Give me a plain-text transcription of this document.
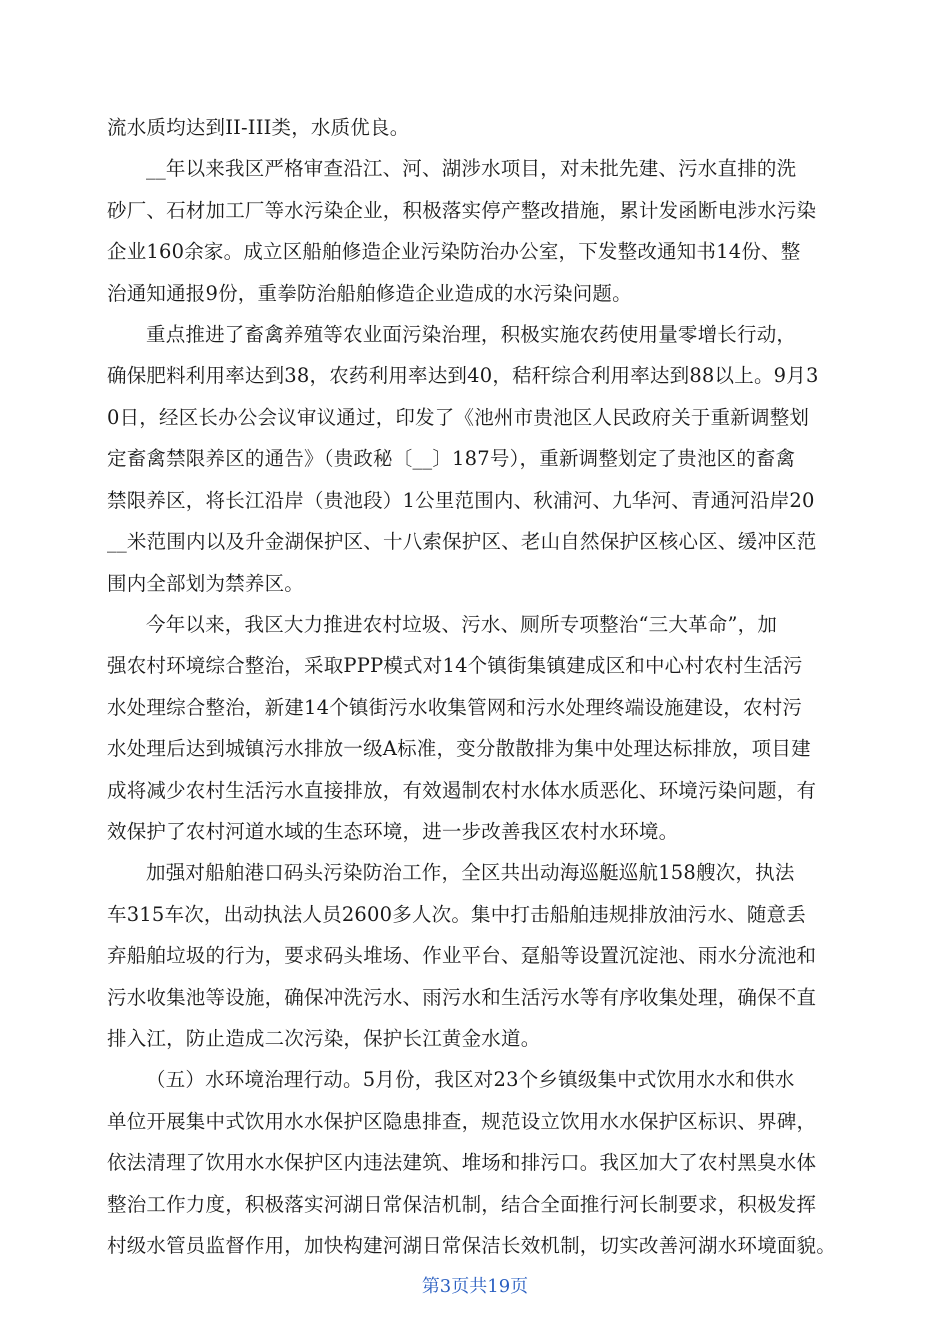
流水质均达到II-III类，水质优良。
__年以来我区严格审查沿江、河、湖涉水项目，对未批先建、污水直排的洗
砂厂、石材加工厂等水污染企业，积极落实停产整改措施，累计发函断电涉水污染
企业160余家。成立区船舶修造企业污染防治办公室，下发整改通知书14份、整
治通知通报9份，重拳防治船舶修造企业造成的水污染问题。
重点推进了畜禽养殖等农业面污染治理，积极实施农药使用量零增长行动，
确保肥料利用率达到38，农药利用率达到40，秸秆综合利用率达到88以上。9月3
0日，经区长办公会议审议通过，印发了《池州市贵池区人民政府关于重新调整划
定畜禽禁限养区的通告》（贵政秘〔__〕187号），重新调整划定了贵池区的畜禽
禁限养区，将长江沿岸（贵池段）1公里范围内、秋浦河、九华河、青通河沿岸20
__米范围内以及升金湖保护区、十八索保护区、老山自然保护区核心区、缓冲区范
围内全部划为禁养区。
今年以来，我区大力推进农村垃圾、污水、厕所专项整治“三大革命”，加
强农村环境综合整治，采取PPP模式对14个镇街集镇建成区和中心村农村生活污
水处理综合整治，新建14个镇街污水收集管网和污水处理终端设施建设，农村污
水处理后达到城镇污水排放一级A标准，变分散散排为集中处理达标排放，项目建
成将减少农村生活污水直接排放，有效遏制农村水体水质恶化、环境污染问题，有
效保护了农村河道水域的生态环境，进一步改善我区农村水环境。
加强对船舶港口码头污染防治工作，全区共出动海巡艇巡航158艘次，执法
车315车次，出动执法人员2600多人次。集中打击船舶违规排放油污水、随意丢
弃船舶垃圾的行为，要求码头堆场、作业平台、趸船等设置沉淀池、雨水分流池和
污水收集池等设施，确保冲洗污水、雨污水和生活污水等有序收集处理，确保不直
排入江，防止造成二次污染，保护长江黄金水道。
（五）水环境治理行动。5月份，我区对23个乡镇级集中式饮用水水和供水
单位开展集中式饮用水水保护区隐患排查，规范设立饮用水水保护区标识、界碑，
依法清理了饮用水水保护区内违法建筑、堆场和排污口。我区加大了农村黑臭水体
整治工作力度，积极落实河湖日常保洁机制，结合全面推行河长制要求，积极发挥
村级水管员监督作用，加快构建河湖日常保洁长效机制，切实改善河湖水环境面貌。
第3页共19页
